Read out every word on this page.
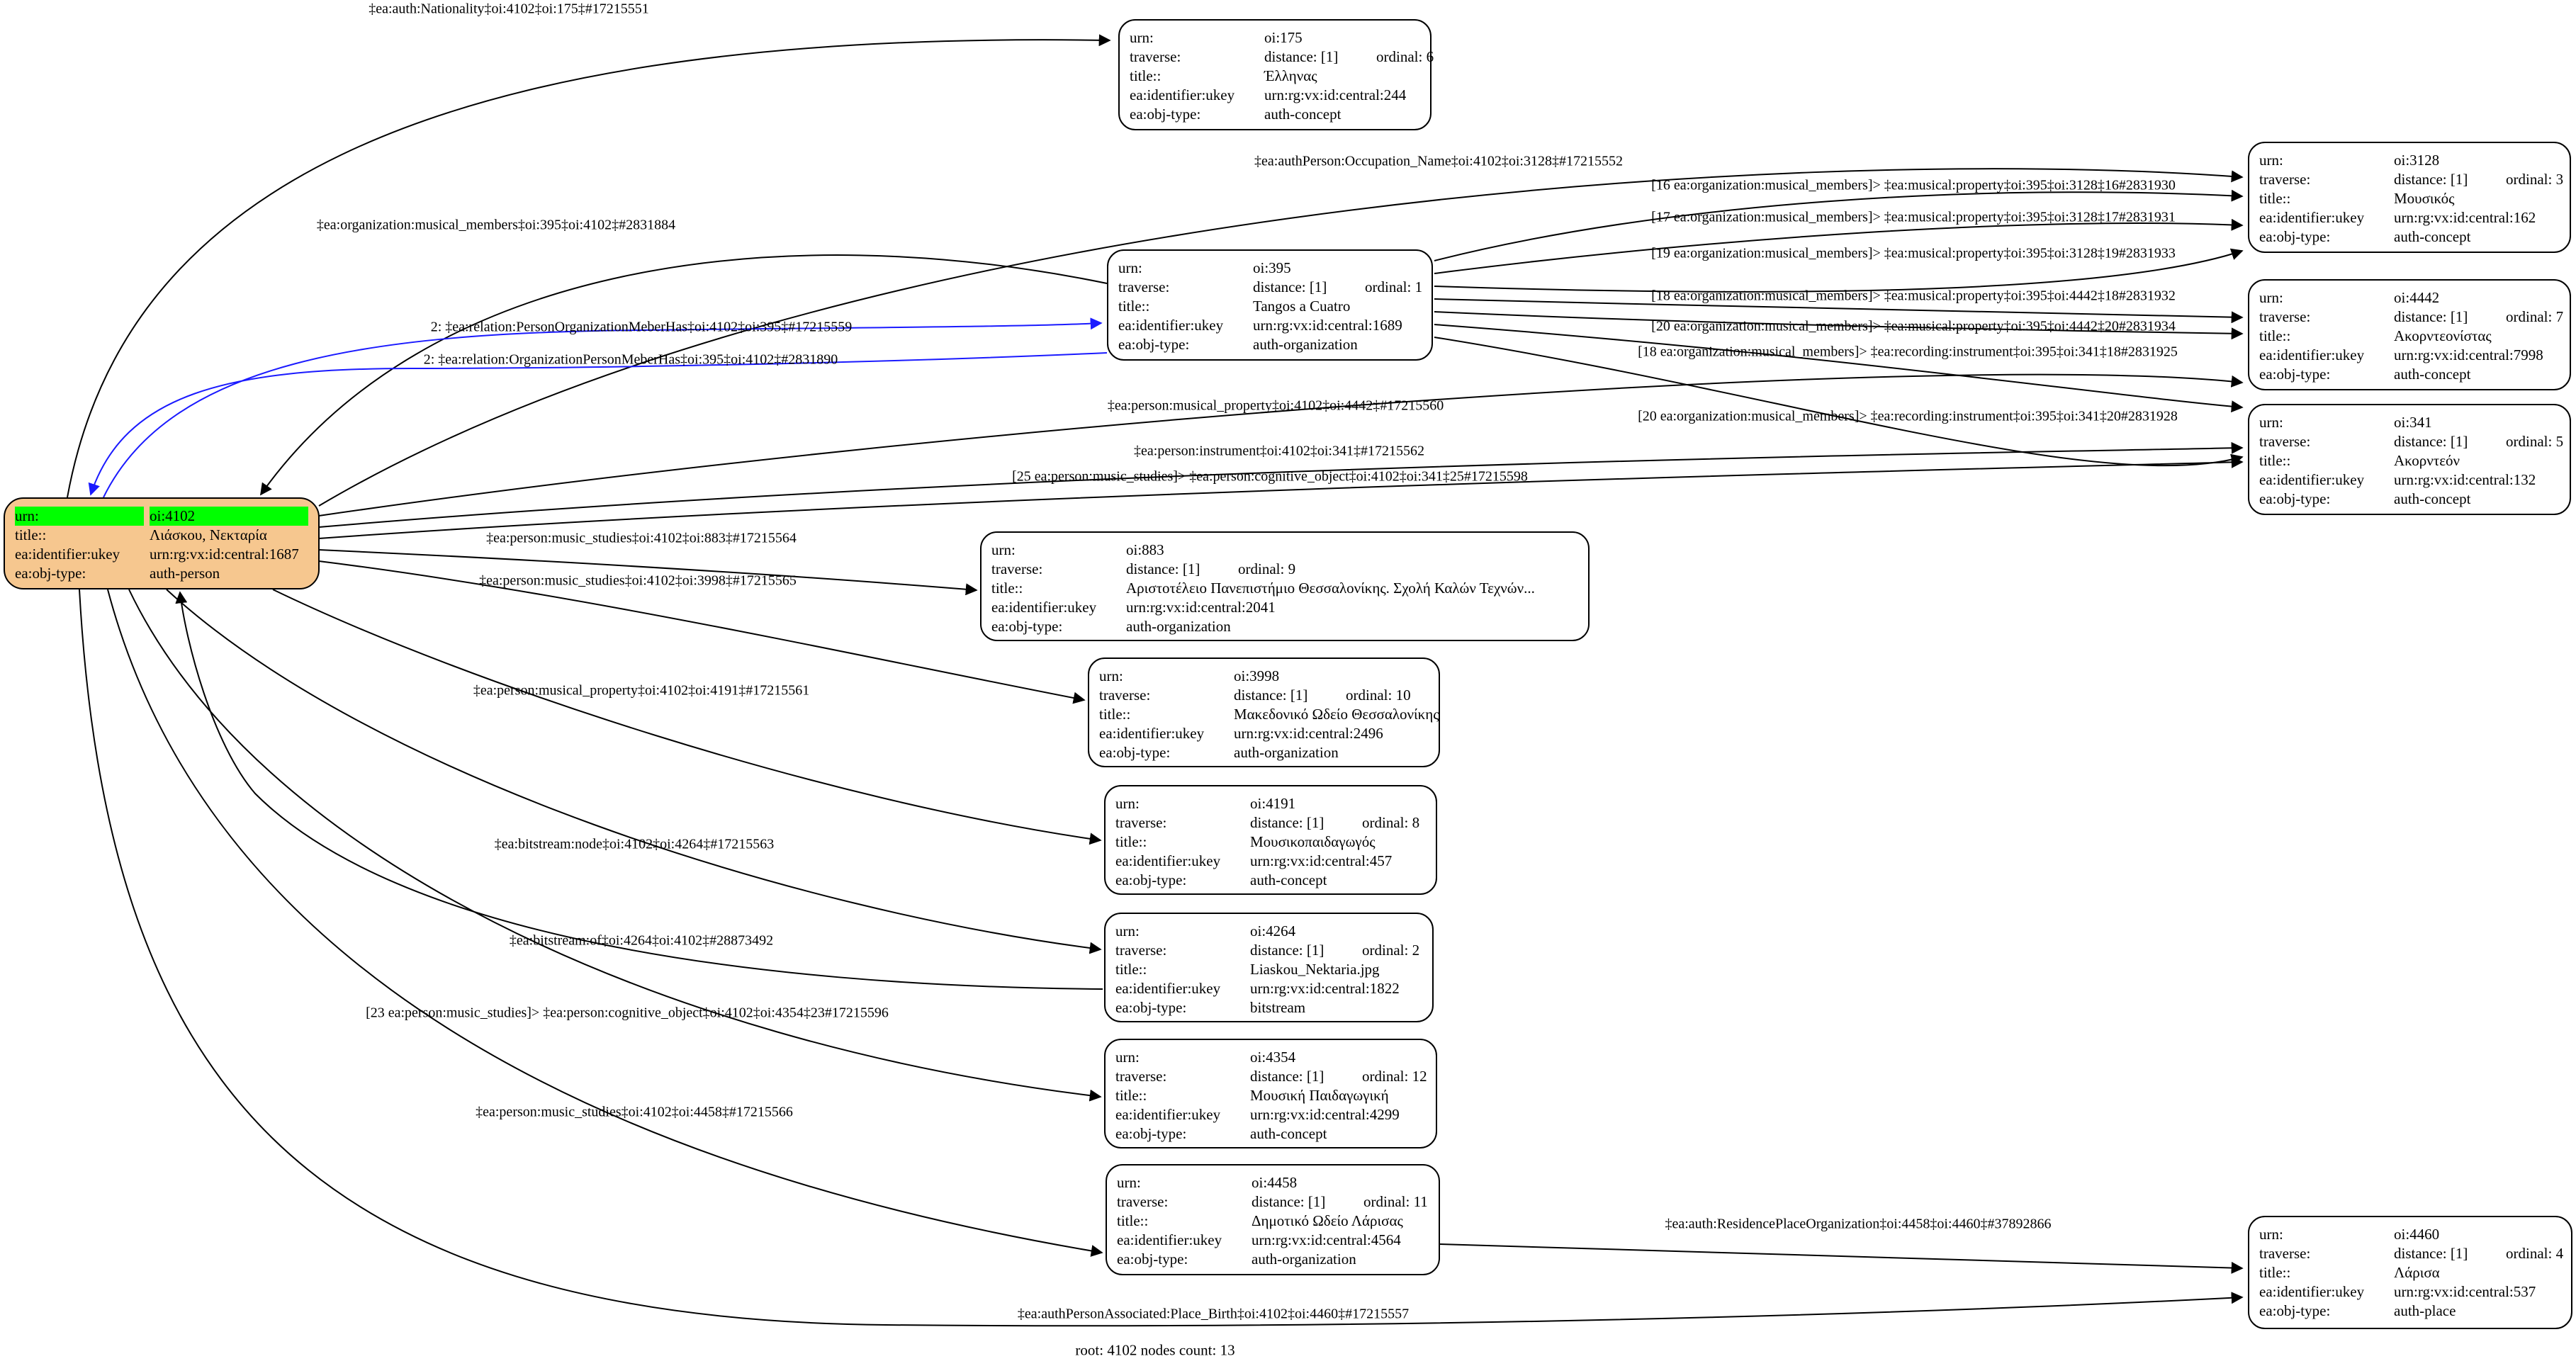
urn:	oi:4102
title::	Λιάσκου, Νεκταρία
ea:identifier:ukey	urn:rg:vx:id:central:1687
ea:obj-type:	auth-person
urn:	oi:175
traverse:	distance: [1]	ordinal: 6
title::	Έλληνας
ea:identifier:ukey	urn:rg:vx:id:central:244
ea:obj-type:	auth-concept
urn:	oi:395
traverse:	distance: [1]	ordinal: 1
title::	Tangos a Cuatro
ea:identifier:ukey	urn:rg:vx:id:central:1689
ea:obj-type:	auth-organization
urn:	oi:3128
traverse:	distance: [1]	ordinal: 3
title::	Μουσικός
ea:identifier:ukey	urn:rg:vx:id:central:162
ea:obj-type:	auth-concept
urn:	oi:4442
traverse:	distance: [1]	ordinal: 7
title::	Ακορντεονίστας
ea:identifier:ukey	urn:rg:vx:id:central:7998
ea:obj-type:	auth-concept
urn:	oi:341
traverse:	distance: [1]	ordinal: 5
title::	Ακορντεόν
ea:identifier:ukey	urn:rg:vx:id:central:132
ea:obj-type:	auth-concept
urn:	oi:883
traverse:	distance: [1]	ordinal: 9
title::	Αριστοτέλειο Πανεπιστήμιο Θεσσαλονίκης. Σχολή Καλών Τεχνών...
ea:identifier:ukey	urn:rg:vx:id:central:2041
ea:obj-type:	auth-organization
urn:	oi:3998
traverse:	distance: [1]	ordinal: 10
title::	Μακεδονικό Ωδείο Θεσσαλονίκης
ea:identifier:ukey	urn:rg:vx:id:central:2496
ea:obj-type:	auth-organization
urn:	oi:4191
traverse:	distance: [1]	ordinal: 8
title::	Μουσικοπαιδαγωγός
ea:identifier:ukey	urn:rg:vx:id:central:457
ea:obj-type:	auth-concept
urn:	oi:4264
traverse:	distance: [1]	ordinal: 2
title::	Liaskou_Nektaria.jpg
ea:identifier:ukey	urn:rg:vx:id:central:1822
ea:obj-type:	bitstream
urn:	oi:4354
traverse:	distance: [1]	ordinal: 12
title::	Μουσική Παιδαγωγική
ea:identifier:ukey	urn:rg:vx:id:central:4299
ea:obj-type:	auth-concept
urn:	oi:4458
traverse:	distance: [1]	ordinal: 11
title::	Δημοτικό Ωδείο Λάρισας
ea:identifier:ukey	urn:rg:vx:id:central:4564
ea:obj-type:	auth-organization
urn:	oi:4460
traverse:	distance: [1]	ordinal: 4
title::	Λάρισα
ea:identifier:ukey	urn:rg:vx:id:central:537
ea:obj-type:	auth-place
‡ea:auth:Nationality‡oi:4102‡oi:175‡#17215551
‡ea:authPerson:Occupation_Name‡oi:4102‡oi:3128‡#17215552
‡ea:organization:musical_members‡oi:395‡oi:4102‡#2831884
2: ‡ea:relation:PersonOrganizationMeberHas‡oi:4102‡oi:395‡#17215559
2: ‡ea:relation:OrganizationPersonMeberHas‡oi:395‡oi:4102‡#2831890
[16 ea:organization:musical_members]> ‡ea:musical:property‡oi:395‡oi:3128‡16#2831930
[17 ea:organization:musical_members]> ‡ea:musical:property‡oi:395‡oi:3128‡17#2831931
[19 ea:organization:musical_members]> ‡ea:musical:property‡oi:395‡oi:3128‡19#2831933
[18 ea:organization:musical_members]> ‡ea:musical:property‡oi:395‡oi:4442‡18#2831932
[20 ea:organization:musical_members]> ‡ea:musical:property‡oi:395‡oi:4442‡20#2831934
[18 ea:organization:musical_members]> ‡ea:recording:instrument‡oi:395‡oi:341‡18#2831925
[20 ea:organization:musical_members]> ‡ea:recording:instrument‡oi:395‡oi:341‡20#2831928
‡ea:person:musical_property‡oi:4102‡oi:4442‡#17215560
‡ea:person:instrument‡oi:4102‡oi:341‡#17215562
[25 ea:person:music_studies]> ‡ea:person:cognitive_object‡oi:4102‡oi:341‡25#17215598
‡ea:person:music_studies‡oi:4102‡oi:883‡#17215564
‡ea:person:music_studies‡oi:4102‡oi:3998‡#17215565
‡ea:person:musical_property‡oi:4102‡oi:4191‡#17215561
‡ea:bitstream:node‡oi:4102‡oi:4264‡#17215563
‡ea:bitstream:of‡oi:4264‡oi:4102‡#28873492
[23 ea:person:music_studies]> ‡ea:person:cognitive_object‡oi:4102‡oi:4354‡23#17215596
‡ea:person:music_studies‡oi:4102‡oi:4458‡#17215566
‡ea:auth:ResidencePlaceOrganization‡oi:4458‡oi:4460‡#37892866
‡ea:authPersonAssociated:Place_Birth‡oi:4102‡oi:4460‡#17215557
root: 4102 nodes count: 13
